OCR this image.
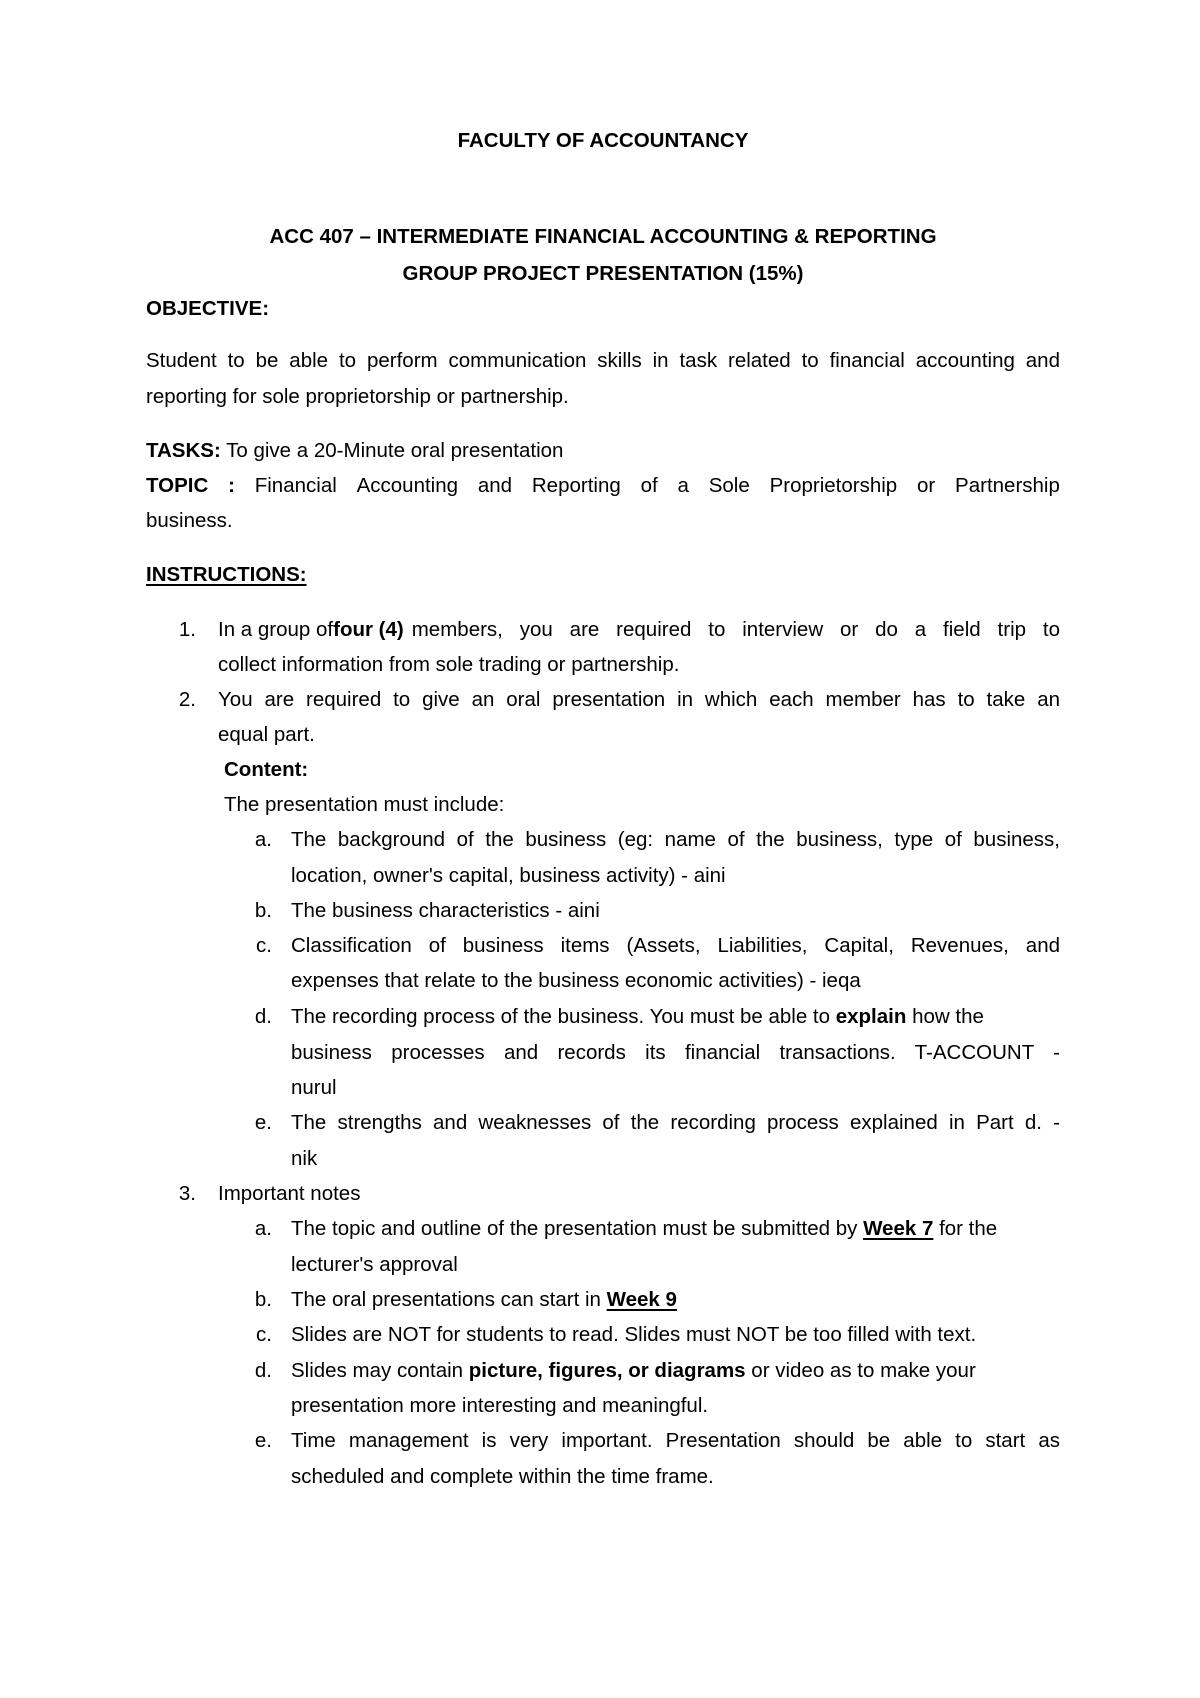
FACULTY OF ACCOUNTANCY
ACC 407 – INTERMEDIATE FINANCIAL ACCOUNTING & REPORTING
GROUP PROJECT PRESENTATION (15%)
OBJECTIVE:
Student to be able to perform communication skills in task related to financial accounting and
reporting for sole proprietorship or partnership.
TASKS: To give a 20-Minute oral presentation
TOPIC : Financial Accounting and Reporting of a Sole Proprietorship or Partnership
business.
INSTRUCTIONS:
1. In a group of four (4) members, you are required to interview or do a field trip to
collect information from sole trading or partnership.
2. You are required to give an oral presentation in which each member has to take an
equal part.
Content:
The presentation must include:
a. The background of the business (eg: name of the business, type of business,
location, owner's capital, business activity) - aini
b. The business characteristics - aini
c. Classification of business items (Assets, Liabilities, Capital, Revenues, and
expenses that relate to the business economic activities) - ieqa
d. The recording process of the business. You must be able to explain how the
business processes and records its financial transactions. T-ACCOUNT -
nurul
e. The strengths and weaknesses of the recording process explained in Part d. -
nik
3. Important notes
a. The topic and outline of the presentation must be submitted by Week 7 for the
lecturer's approval
b. The oral presentations can start in Week 9
c. Slides are NOT for students to read. Slides must NOT be too filled with text.
d. Slides may contain picture, figures, or diagrams or video as to make your
presentation more interesting and meaningful.
e. Time management is very important. Presentation should be able to start as
scheduled and complete within the time frame.
